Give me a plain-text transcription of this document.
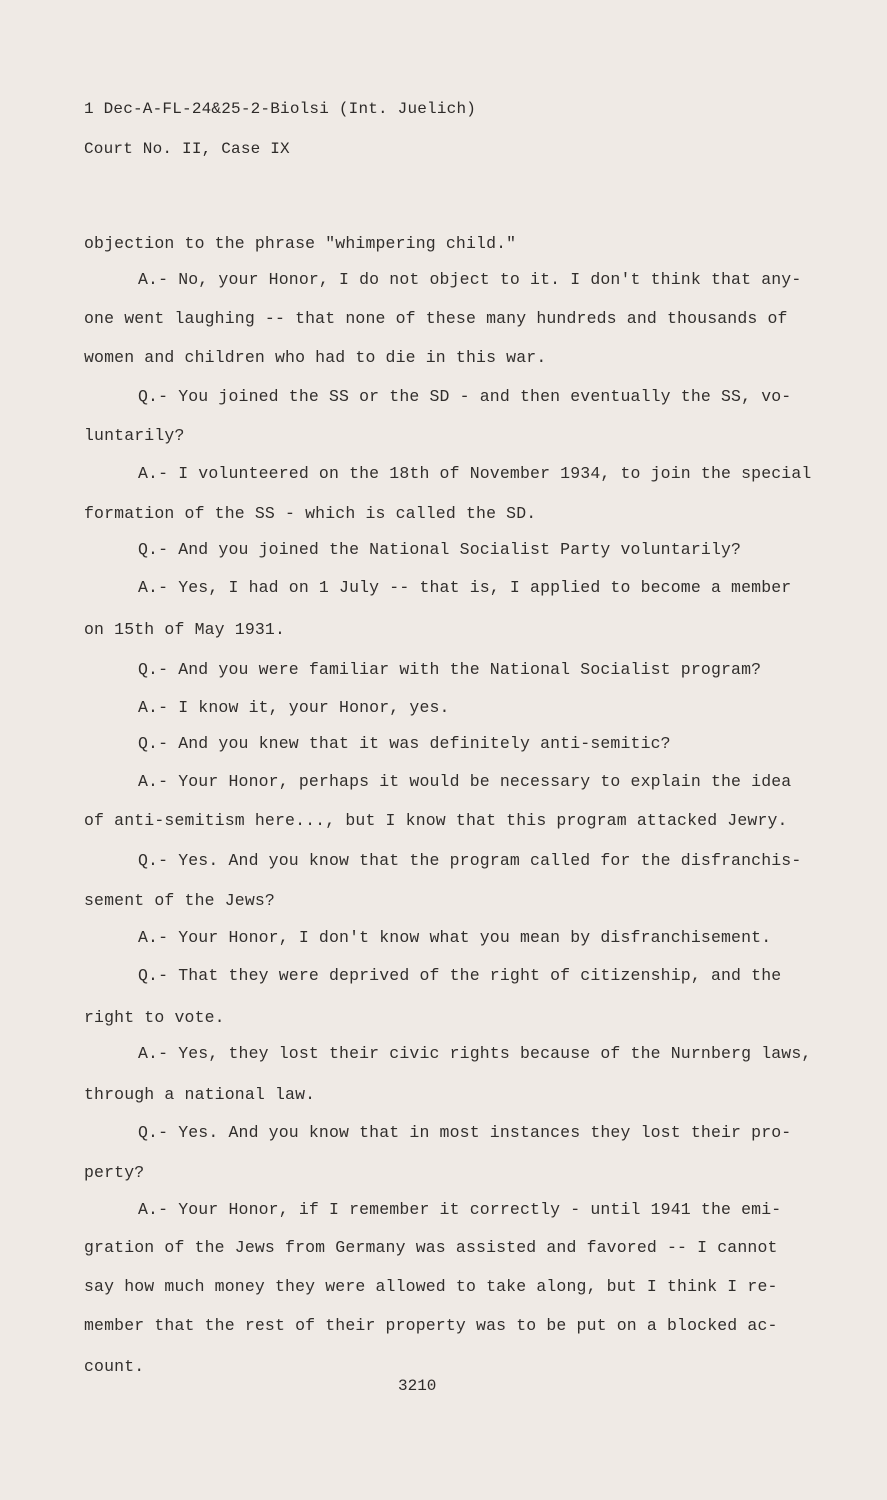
1 Dec-A-FL-24&25-2-Biolsi (Int. Juelich)
Court No. II, Case IX
objection to the phrase "whimpering child."
A.- No, your Honor, I do not object to it. I don't think that any-
one went laughing -- that none of these many hundreds and thousands of
women and children who had to die in this war.
Q.- You joined the SS or the SD - and then eventually the SS, vo-
luntarily?
A.- I volunteered on the 18th of November 1934, to join the special
formation of the SS - which is called the SD.
Q.- And you joined the National Socialist Party voluntarily?
A.- Yes, I had on 1 July -- that is, I applied to become a member
on 15th of May 1931.
Q.- And you were familiar with the National Socialist program?
A.- I know it, your Honor, yes.
Q.- And you knew that it was definitely anti-semitic?
A.- Your Honor, perhaps it would be necessary to explain the idea
of anti-semitism here..., but I know that this program attacked Jewry.
Q.- Yes. And you know that the program called for the disfranchis-
sement of the Jews?
A.- Your Honor, I don't know what you mean by disfranchisement.
Q.- That they were deprived of the right of citizenship, and the
right to vote.
A.- Yes, they lost their civic rights because of the Nurnberg laws,
through a national law.
Q.- Yes. And you know that in most instances they lost their pro-
perty?
A.- Your Honor, if I remember it correctly - until 1941 the emi-
gration of the Jews from Germany was assisted and favored -- I cannot
say how much money they were allowed to take along, but I think I re-
member that the rest of their property was to be put on a blocked ac-
count.
3210
